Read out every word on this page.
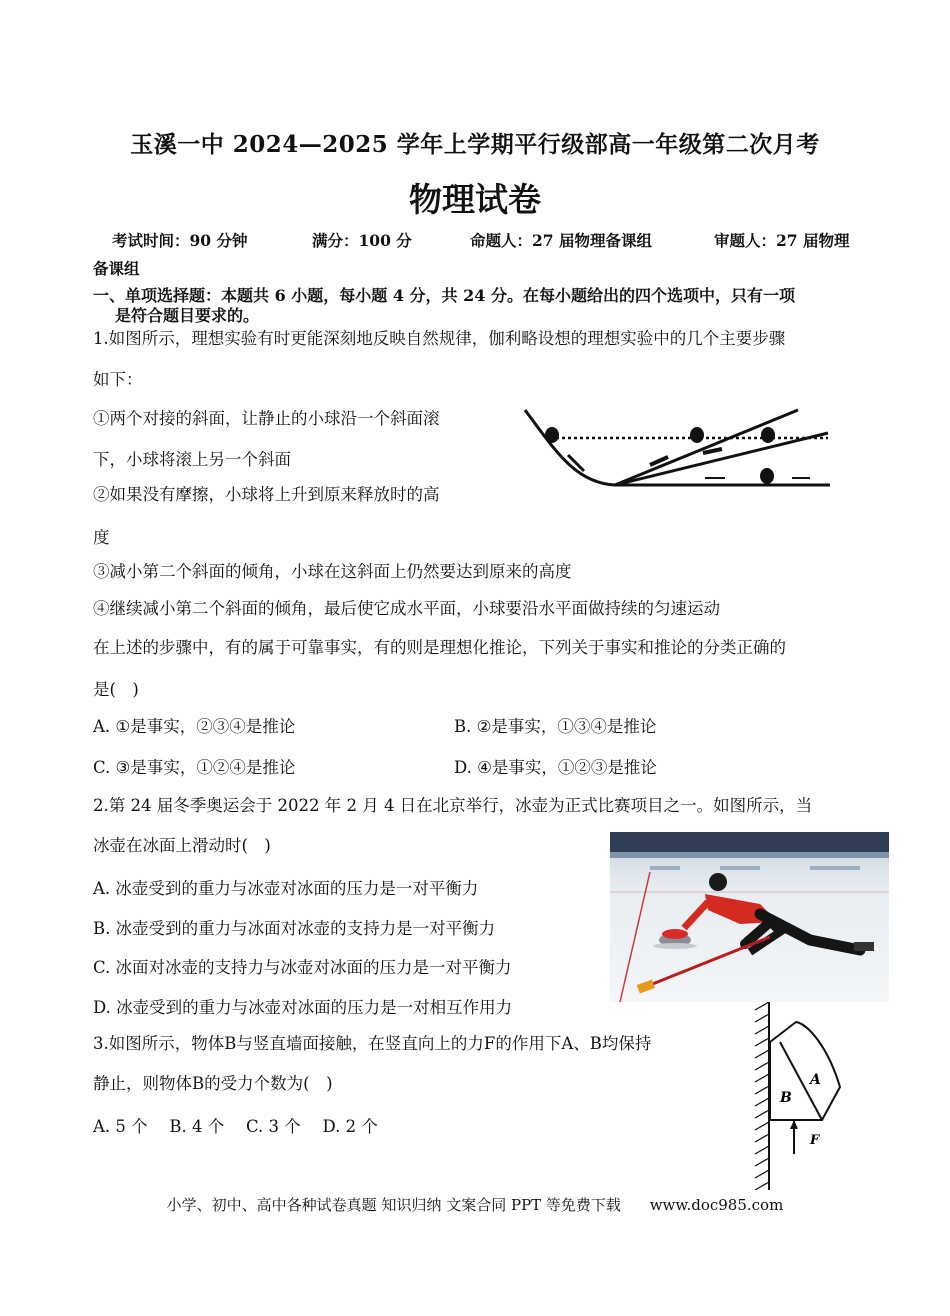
玉溪一中 2024—2025 学年上学期平行级部高一年级第二次月考
物理试卷
考试时间：90 分钟	满分：100 分	命题人：27 届物理备课组	审题人：27 届物理
备课组
一、单项选择题：本题共 6 小题，每小题 4 分，共 24 分。在每小题给出的四个选项中，只有一项
是符合题目要求的。
1.如图所示，理想实验有时更能深刻地反映自然规律，伽利略设想的理想实验中的几个主要步骤
如下：
①两个对接的斜面，让静止的小球沿一个斜面滚
下，小球将滚上另一个斜面
②如果没有摩擦，小球将上升到原来释放时的高
度
③减小第二个斜面的倾角，小球在这斜面上仍然要达到原来的高度
④继续减小第二个斜面的倾角，最后使它成水平面，小球要沿水平面做持续的匀速运动
在上述的步骤中，有的属于可靠事实，有的则是理想化推论，下列关于事实和推论的分类正确的
是(　)
A. ①是事实，②③④是推论	B. ②是事实，①③④是推论
C. ③是事实，①②④是推论	D. ④是事实，①②③是推论
2.第 24 届冬季奥运会于 2022 年 2 月 4 日在北京举行，冰壶为正式比赛项目之一。如图所示，当
冰壶在冰面上滑动时(　)
A. 冰壶受到的重力与冰壶对冰面的压力是一对平衡力
B. 冰壶受到的重力与冰面对冰壶的支持力是一对平衡力
C. 冰面对冰壶的支持力与冰壶对冰面的压力是一对平衡力
D. 冰壶受到的重力与冰壶对冰面的压力是一对相互作用力
3.如图所示，物体B与竖直墙面接触，在竖直向上的力F的作用下A、B均保持
静止，则物体B的受力个数为(　)
A. 5 个　 B. 4 个　 C. 3 个　 D. 2 个
A
B
F
小学、初中、高中各种试卷真题 知识归纳 文案合同 PPT 等免费下载 www.doc985.com
